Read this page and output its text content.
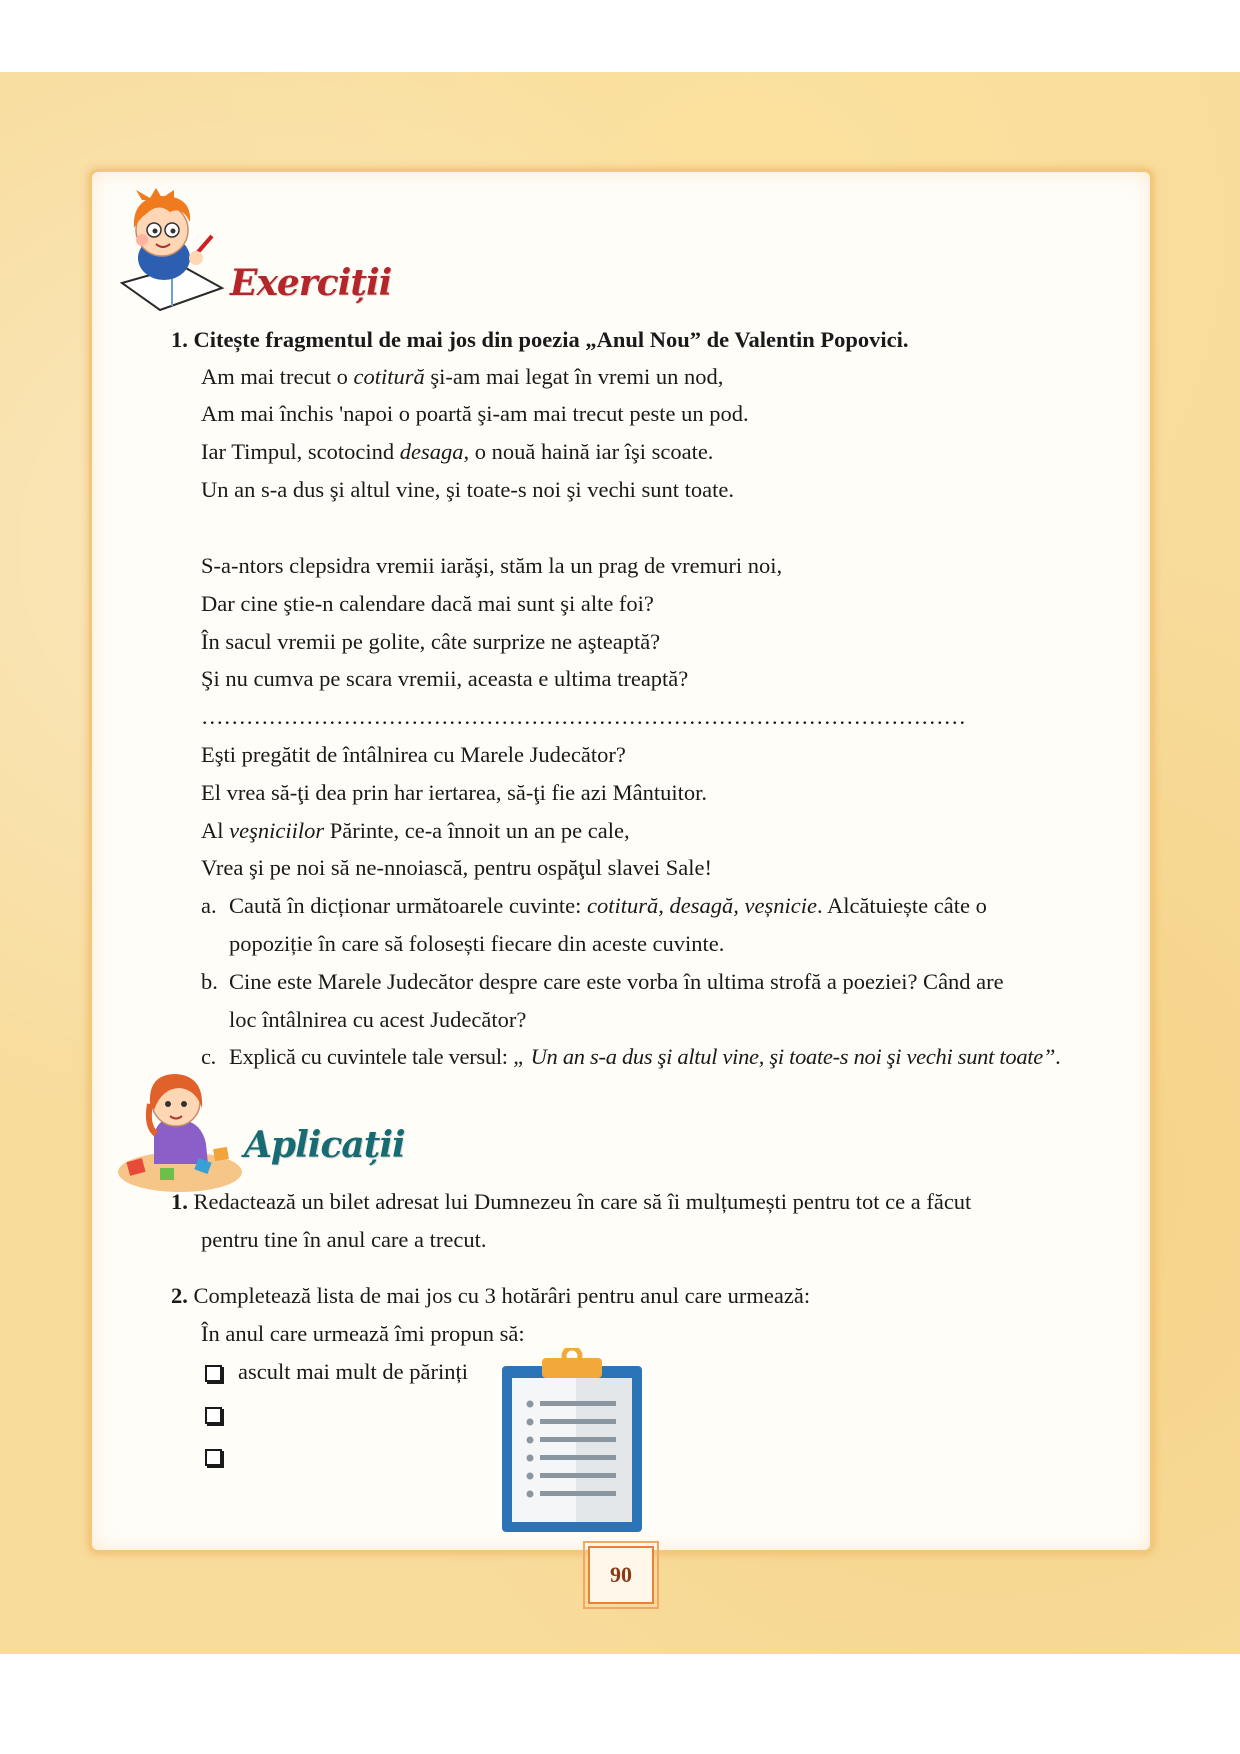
Exerciții
1. Citește fragmentul de mai jos din poezia „Anul Nou” de Valentin Popovici.
Am mai trecut o cotitură şi-am mai legat în vremi un nod,
Am mai închis 'napoi o poartă şi-am mai trecut peste un pod.
Iar Timpul, scotocind desaga, o nouă haină iar îşi scoate.
Un an s-a dus şi altul vine, şi toate-s noi şi vechi sunt toate.
S-a-ntors clepsidra vremii iarăşi, stăm la un prag de vremuri noi,
Dar cine ştie-n calendare dacă mai sunt şi alte foi?
În sacul vremii pe golite, câte surprize ne aşteaptă?
Şi nu cumva pe scara vremii, aceasta e ultima treaptă?
…………………………………………………………………………………………
Eşti pregătit de întâlnirea cu Marele Judecător?
El vrea să-ţi dea prin har iertarea, să-ţi fie azi Mântuitor.
Al veşniciilor Părinte, ce-a înnoit un an pe cale,
Vrea şi pe noi să ne-nnoiască, pentru ospăţul slavei Sale!
a. Caută în dicționar următoarele cuvinte: cotitură, desagă, veșnicie. Alcătuiește câte o
popoziție în care să folosești fiecare din aceste cuvinte.
b. Cine este Marele Judecător despre care este vorba în ultima strofă a poeziei? Când are
loc întâlnirea cu acest Judecător?
c. Explică cu cuvintele tale versul: „ Un an s-a dus şi altul vine, şi toate-s noi şi vechi sunt toate”.
Aplicații
1. Redactează un bilet adresat lui Dumnezeu în care să îi mulțumești pentru tot ce a făcut
pentru tine în anul care a trecut.
2. Completează lista de mai jos cu 3 hotărâri pentru anul care urmează:
În anul care urmează îmi propun să:
ascult mai mult de părinți
90
